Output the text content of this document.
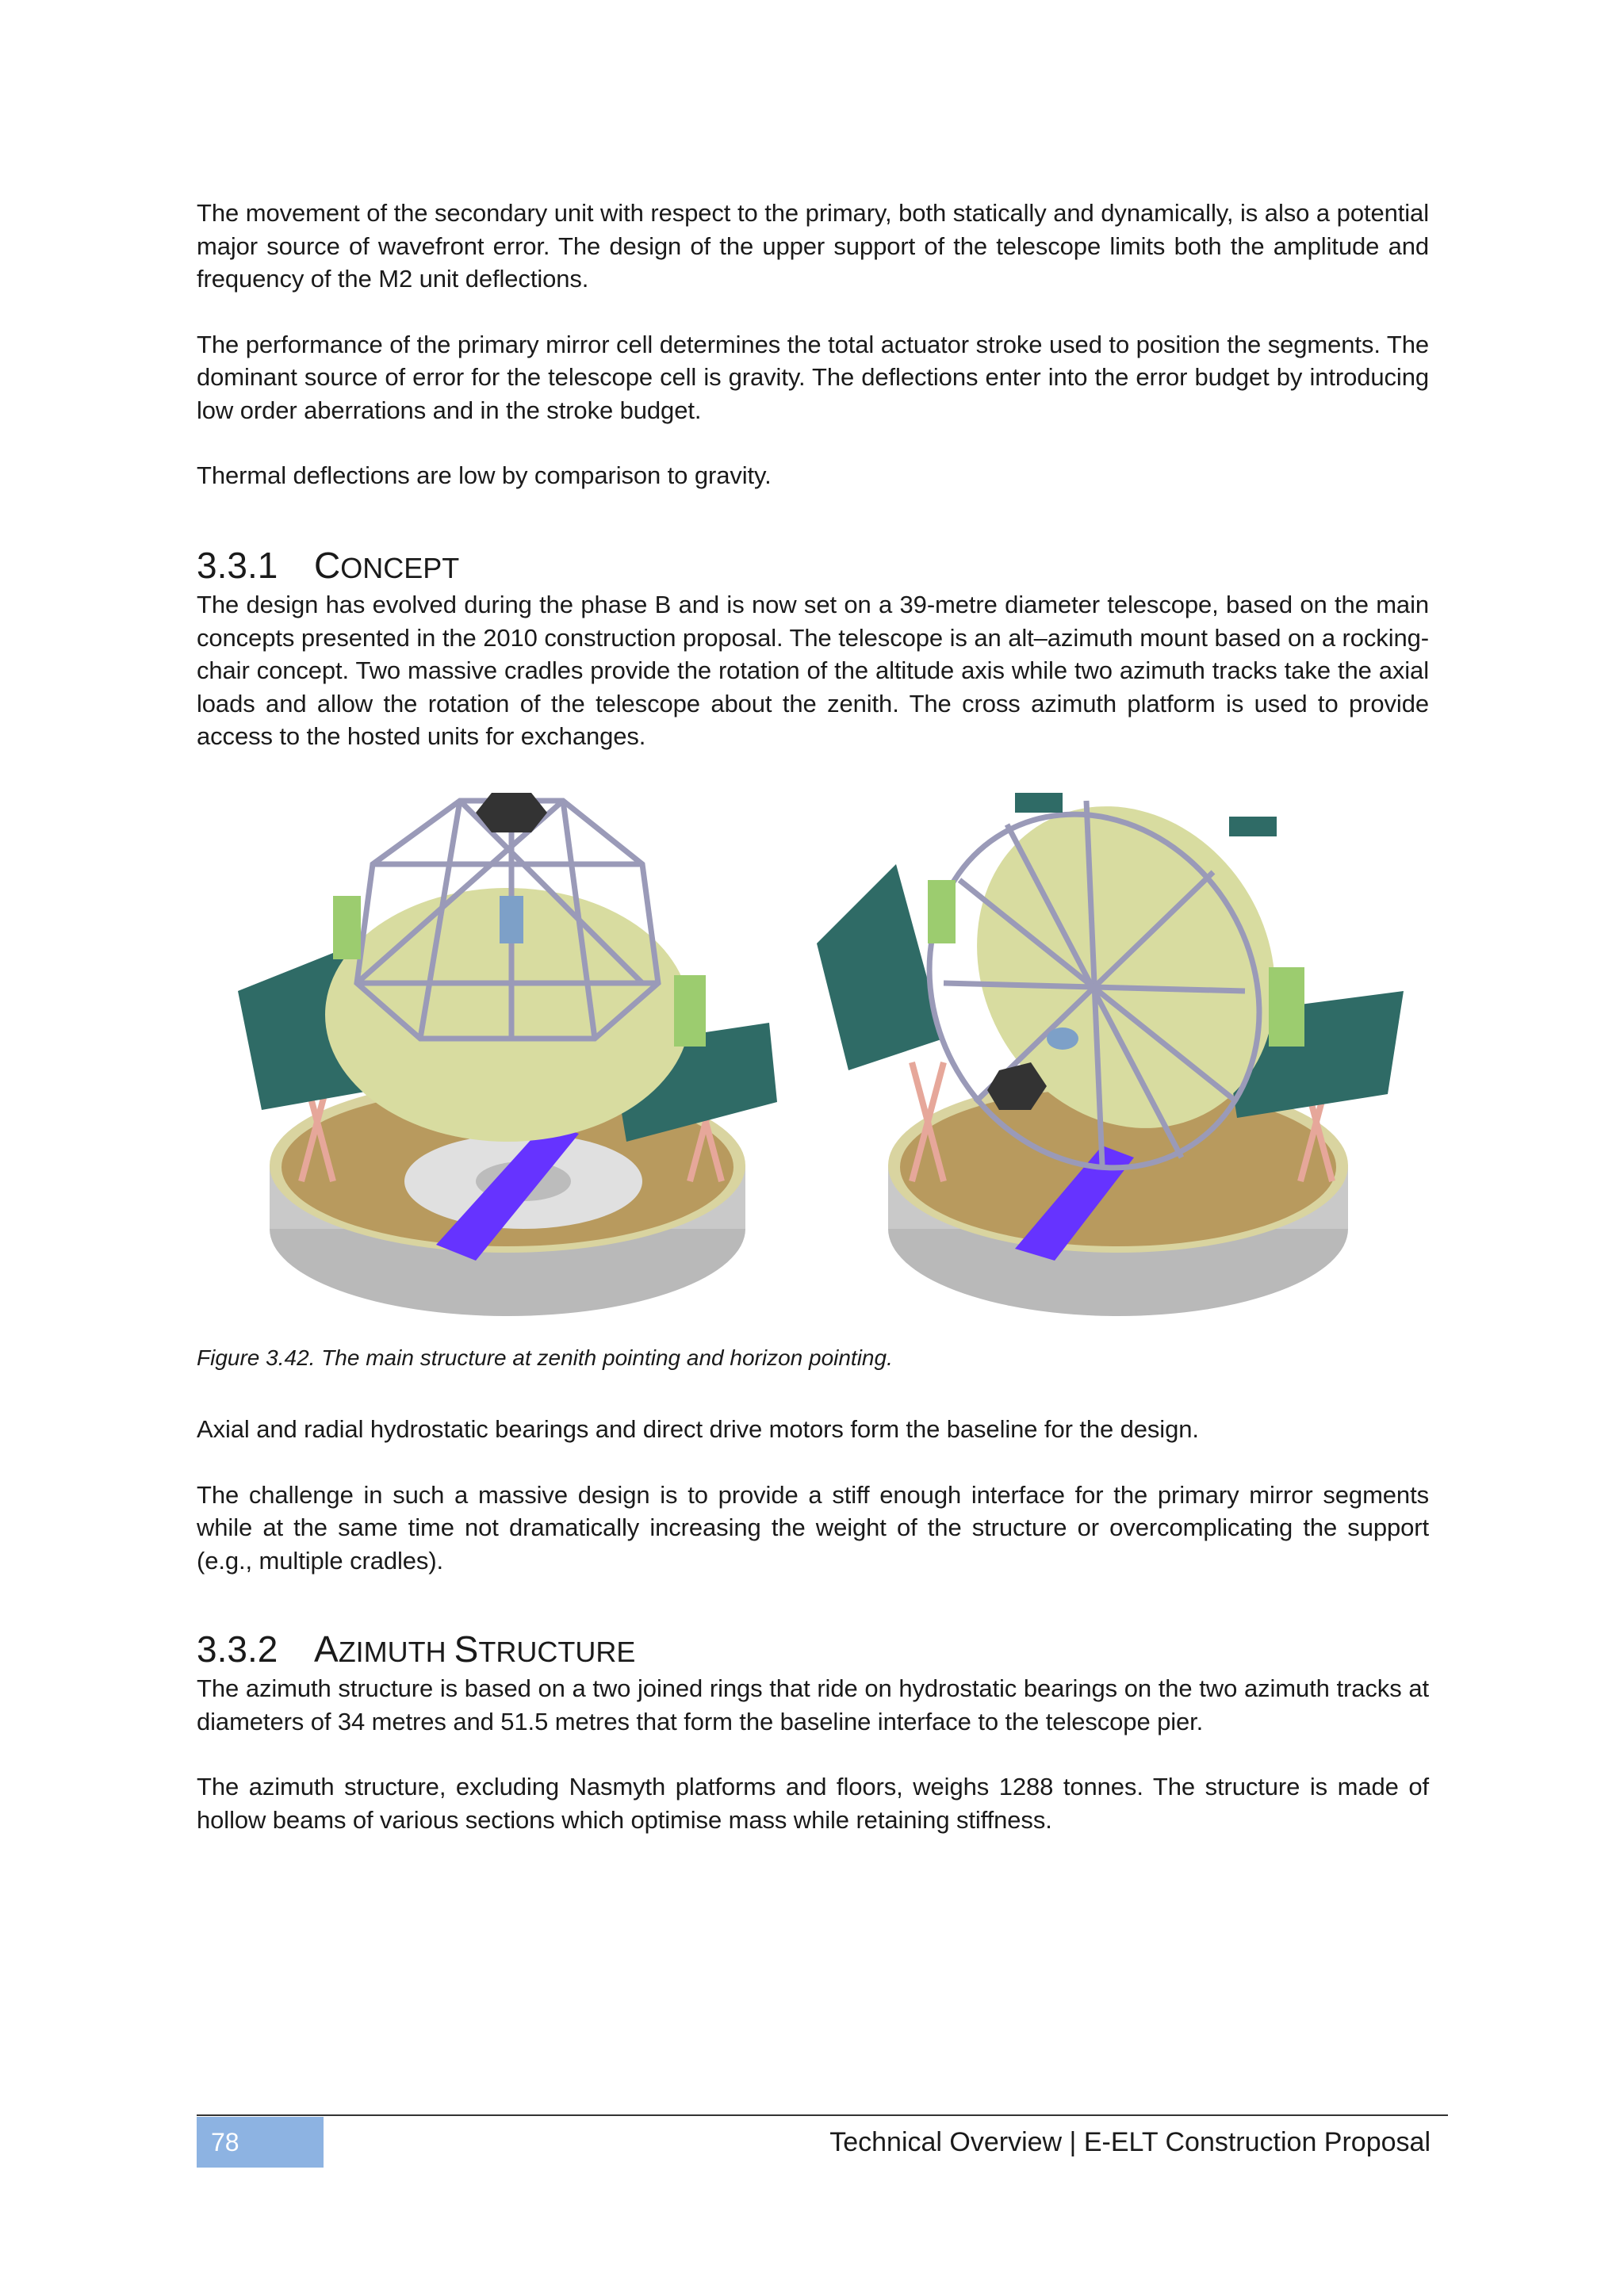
The movement of the secondary unit with respect to the primary, both statically and dynamically, is also a potential major source of wavefront error. The design of the upper support of the telescope limits both the amplitude and frequency of the M2 unit deflections.

The performance of the primary mirror cell determines the total actuator stroke used to position the segments. The dominant source of error for the telescope cell is gravity. The deflections enter into the error budget by introducing low order aberrations and in the stroke budget.

Thermal deflections are low by comparison to gravity.

3.3.1 CONCEPT

The design has evolved during the phase B and is now set on a 39-metre diameter telescope, based on the main concepts presented in the 2010 construction proposal. The telescope is an alt–azimuth mount based on a rocking-chair concept. Two massive cradles provide the rotation of the altitude axis while two azimuth tracks take the axial loads and allow the rotation of the telescope about the zenith. The cross azimuth platform is used to provide access to the hosted units for exchanges.

Figure 3.42. The main structure at zenith pointing and horizon pointing.

Axial and radial hydrostatic bearings and direct drive motors form the baseline for the design.

The challenge in such a massive design is to provide a stiff enough interface for the primary mirror segments while at the same time not dramatically increasing the weight of the structure or overcomplicating the support (e.g., multiple cradles).

3.3.2 AZIMUTH STRUCTURE

The azimuth structure is based on a two joined rings that ride on hydrostatic bearings on the two azimuth tracks at diameters of 34 metres and 51.5 metres that form the baseline interface to the telescope pier.

The azimuth structure, excluding Nasmyth platforms and floors, weighs 1288 tonnes. The structure is made of hollow beams of various sections which optimise mass while retaining stiffness.

78	Technical Overview | E-ELT Construction Proposal
